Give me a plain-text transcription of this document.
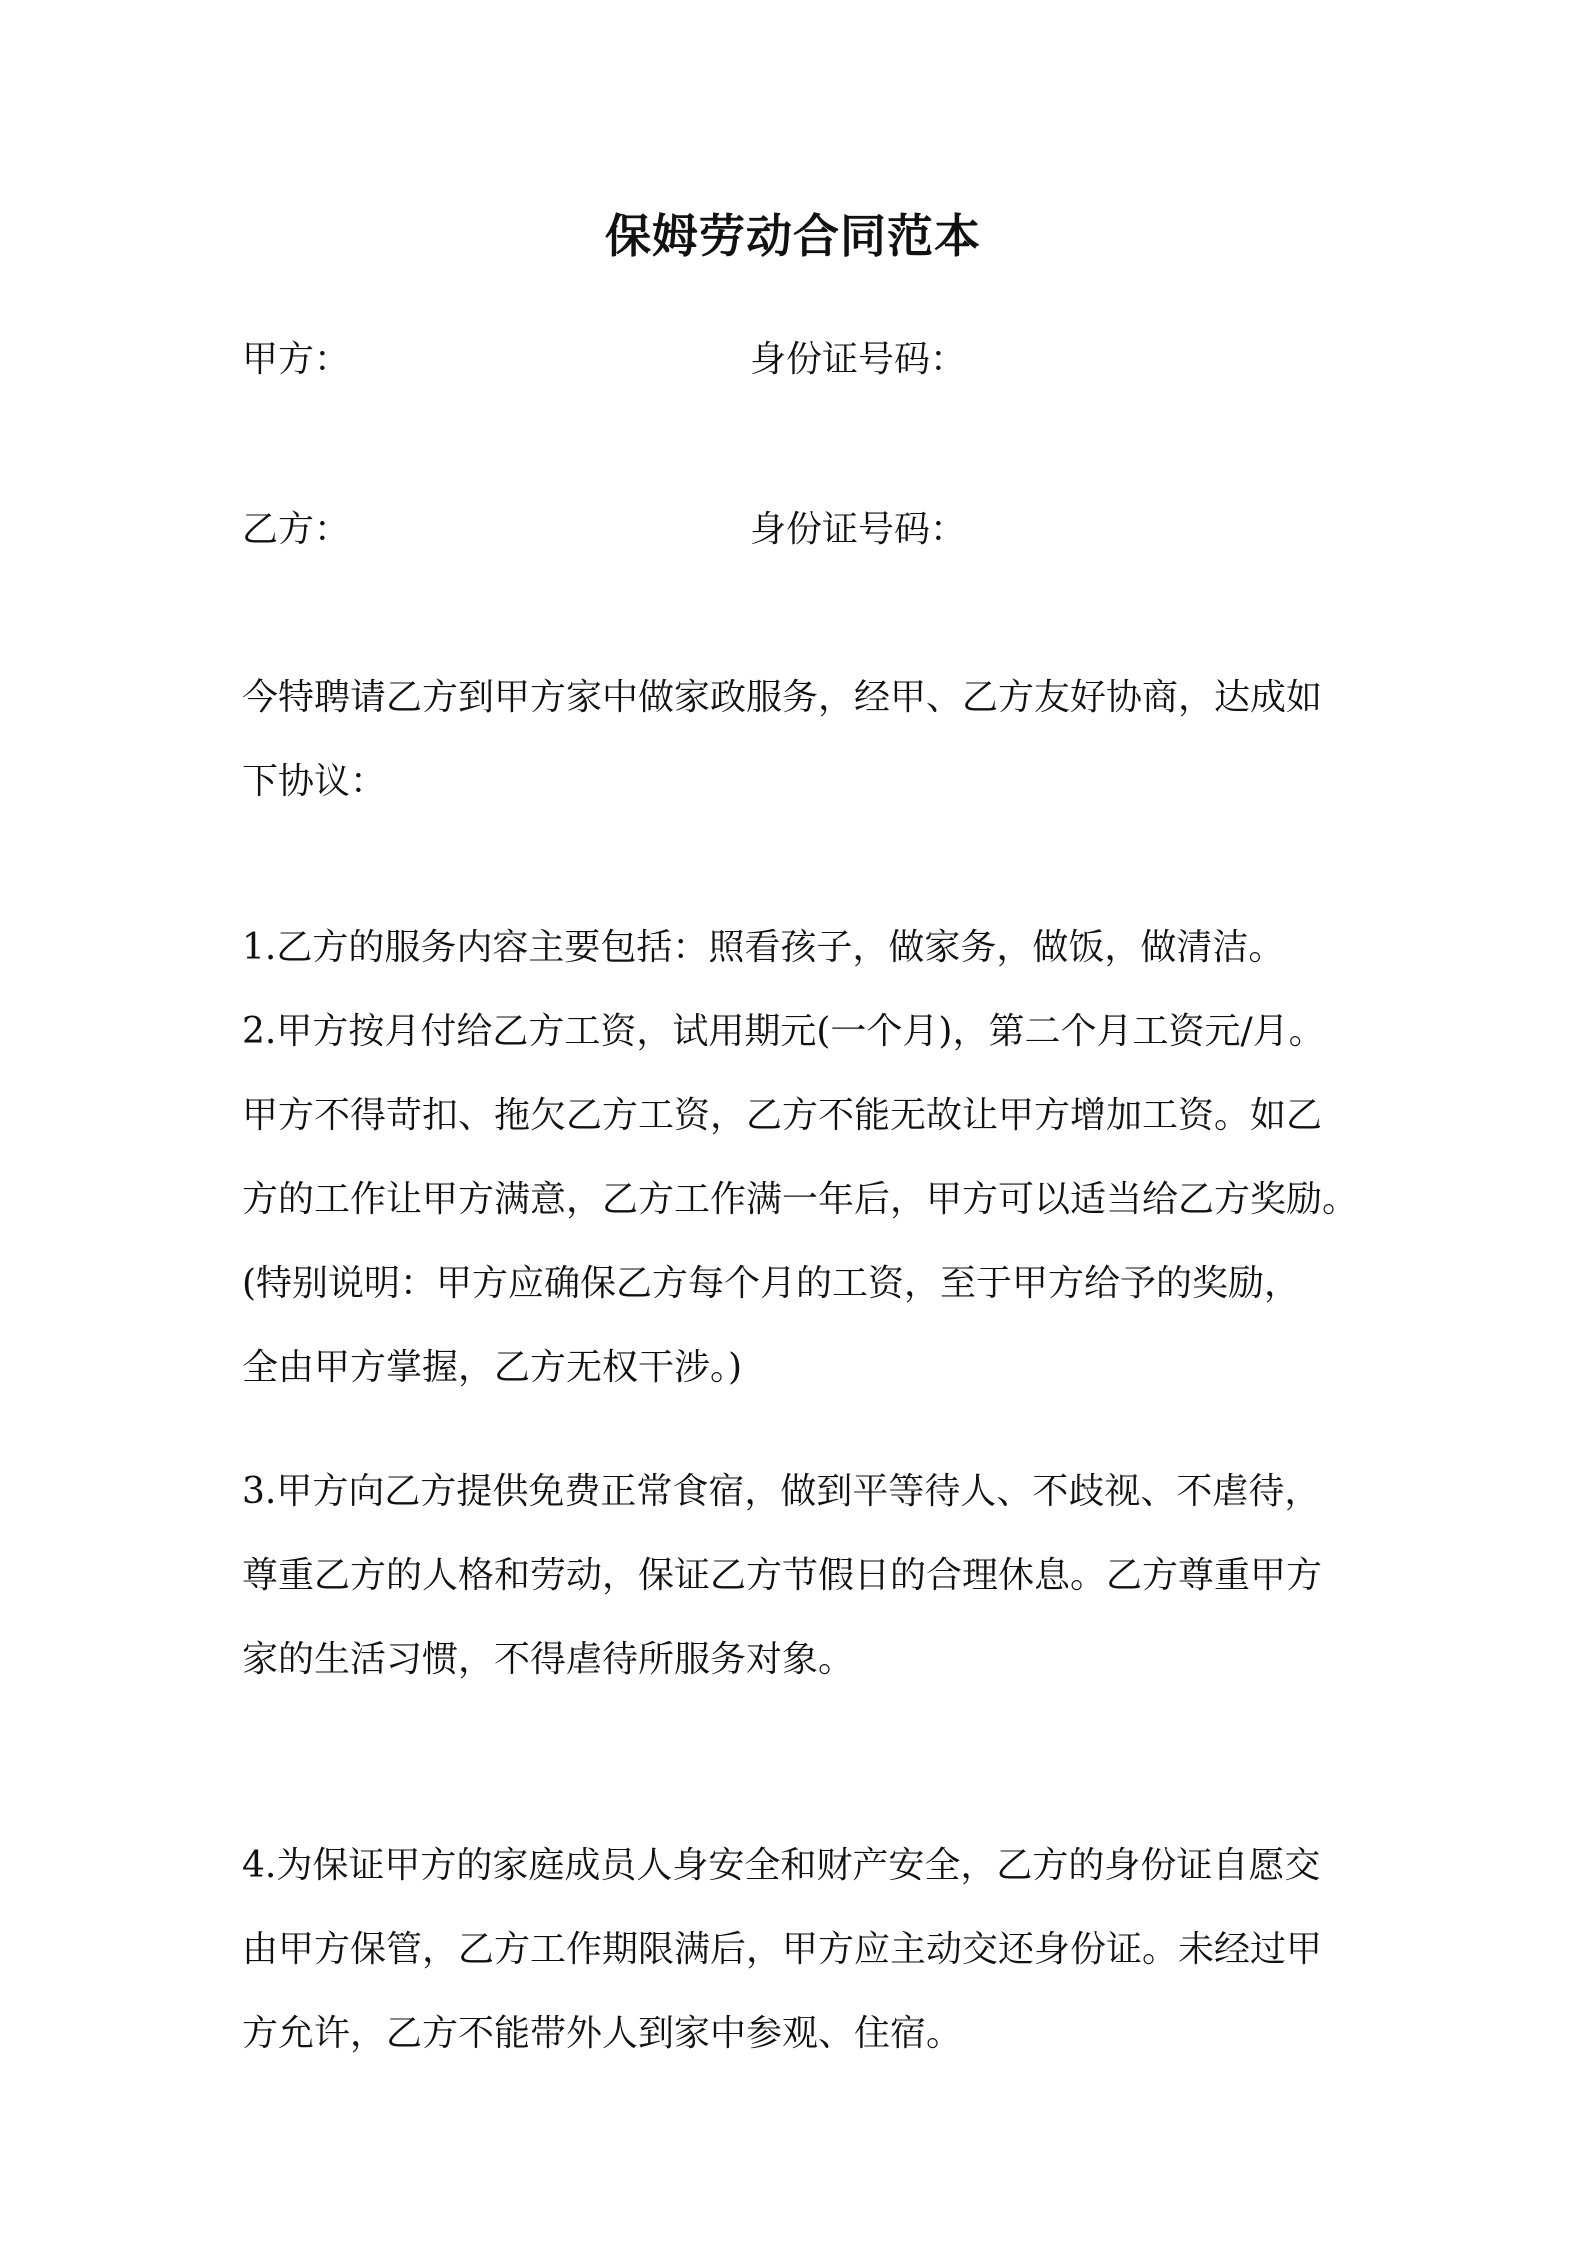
保姆劳动合同范本
甲方：	身份证号码：
乙方：	身份证号码：

今特聘请乙方到甲方家中做家政服务，经甲、乙方友好协商，达成如

下协议：

1.乙方的服务内容主要包括：照看孩子，做家务，做饭，做清洁。

2.甲方按月付给乙方工资，试用期元(一个月)，第二个月工资元/月。

甲方不得苛扣、拖欠乙方工资，乙方不能无故让甲方增加工资。如乙

方的工作让甲方满意，乙方工作满一年后，甲方可以适当给乙方奖励。

(特别说明：甲方应确保乙方每个月的工资，至于甲方给予的奖励，

全由甲方掌握，乙方无权干涉。)

3.甲方向乙方提供免费正常食宿，做到平等待人、不歧视、不虐待，

尊重乙方的人格和劳动，保证乙方节假日的合理休息。乙方尊重甲方

家的生活习惯，不得虐待所服务对象。

4.为保证甲方的家庭成员人身安全和财产安全，乙方的身份证自愿交

由甲方保管，乙方工作期限满后，甲方应主动交还身份证。未经过甲

方允许，乙方不能带外人到家中参观、住宿。
